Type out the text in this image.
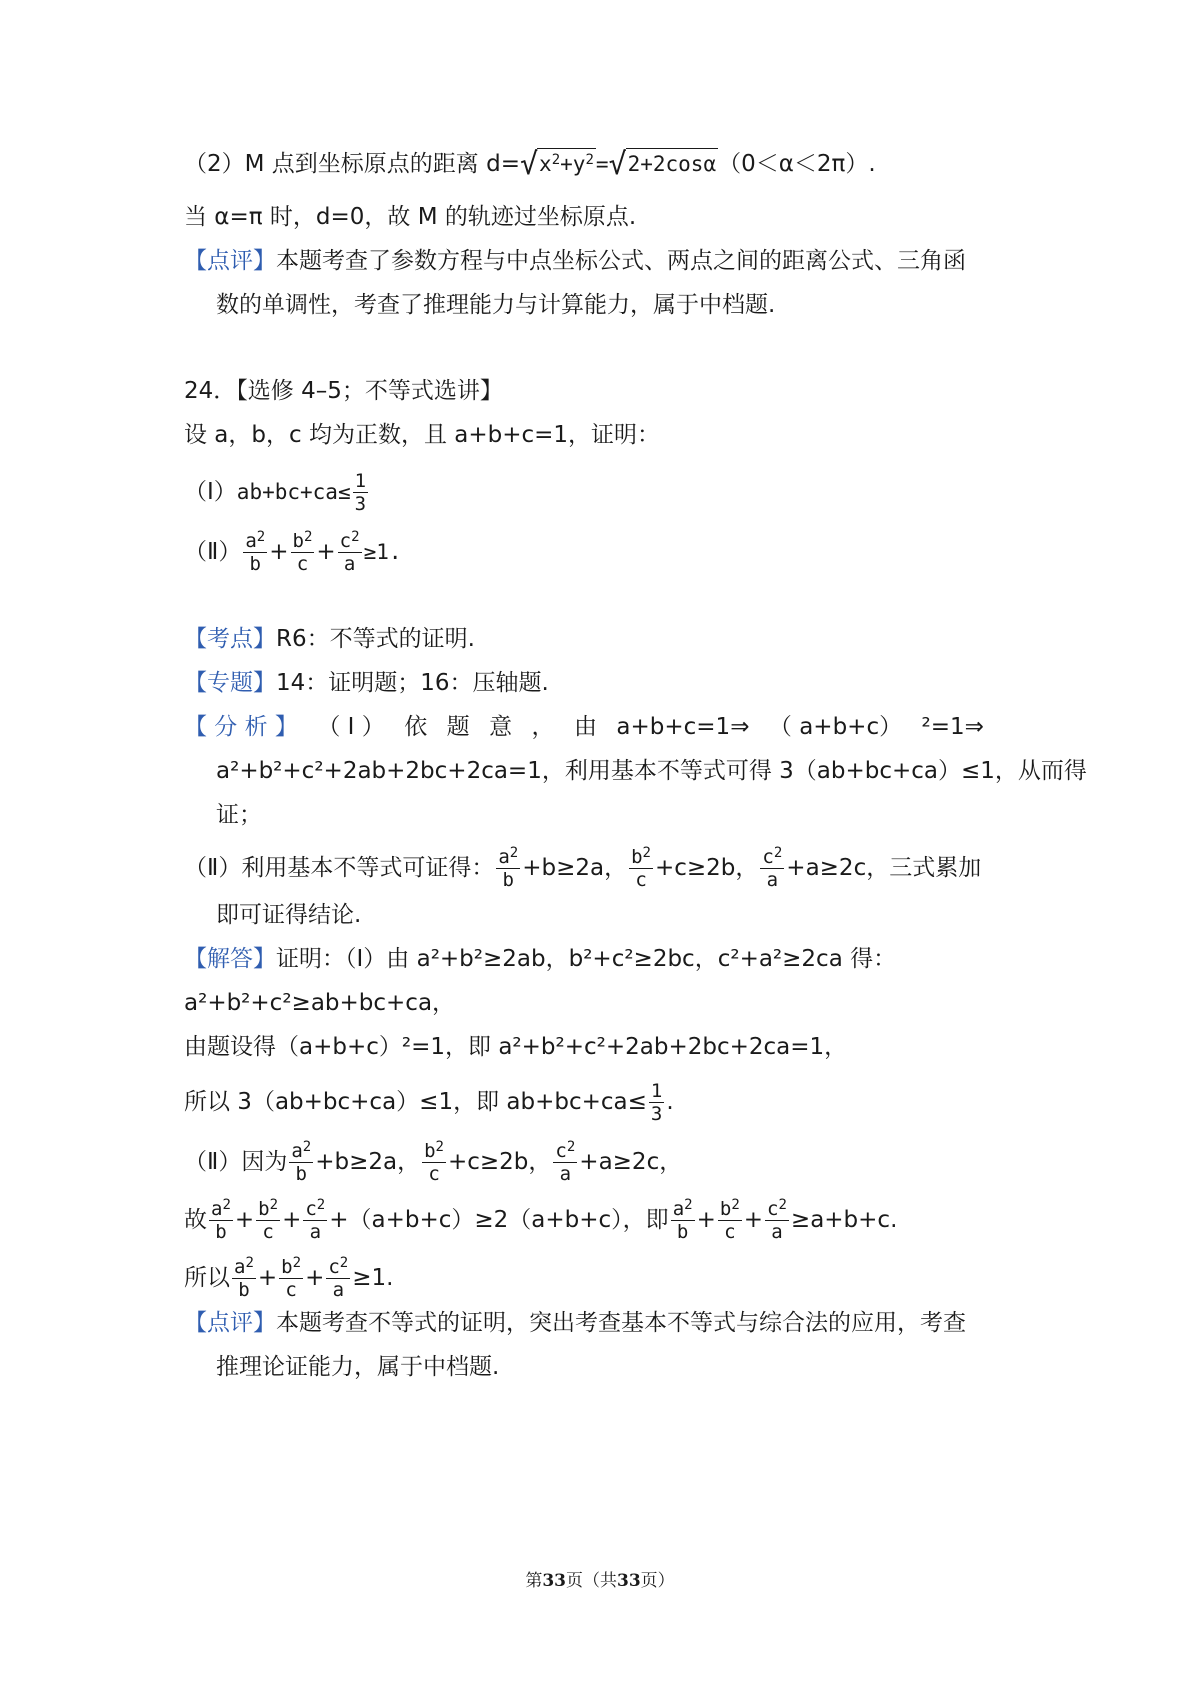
（2）M 点到坐标原点的距离 $d=√x^2+y^2=√2+2\cos\alpha(0<\alpha<2\pi)$.
当 α=π 时，d=0，故 M 的轨迹过坐标原点.
【点评】本题考查了参数方程与中点坐标公式、两点之间的距离公式、三角函
数的单调性，考查了推理能力与计算能力，属于中档题.
24．【选修 4–5；不等式选讲】
设 a，b，c 均为正数，且 a+b+c=1，证明：
（Ⅰ）ab+bc+ca≤ $\frac{1}{3}$
（Ⅱ） $\frac{a^2}{b} + \frac{b^2}{c} + \frac{c^2}{a} \ge 1$.
【考点】R6：不等式的证明.
【专题】14：证明题；16：压轴题.
【 分 析 】 （ Ⅰ ） 依 题 意 ， 由 a+b+c=1⇒ （ a+b+c） ²=1⇒
a²+b²+c²+2ab+2bc+2ca=1，利用基本不等式可得 3（ab+bc+ca）≤1，从而得
证；
（Ⅱ）利用基本不等式可证得： $\frac{a^2}{b} +b\ge 2a$， $\frac{b^2}{c} +c\ge 2b$， $\frac{c^2}{a} +a\ge 2c$，三式累加
即可证得结论.
【解答】证明：（Ⅰ）由 a²+b²≥2ab，b²+c²≥2bc，c²+a²≥2ca 得：
a²+b²+c²≥ab+bc+ca，
由题设得（a+b+c）²=1，即 a²+b²+c²+2ab+2bc+2ca=1，
所以 3（ab+bc+ca）≤1，即 $ab+bc+ca\le \frac{1}{3}$ .
（Ⅱ）因为 $\frac{a^2}{b} +b\ge 2a$， $\frac{b^2}{c} +c\ge 2b$， $\frac{c^2}{a} +a\ge 2c$，
故 $\frac{a^2}{b} + \frac{b^2}{c} + \frac{c^2}{a} +(a+b+c)\ge 2(a+b+c)$，即 $\frac{a^2}{b} + \frac{b^2}{c} + \frac{c^2}{a} \ge a+b+c$.
所以 $\frac{a^2}{b} + \frac{b^2}{c} + \frac{c^2}{a} \ge 1$.
【点评】本题考查不等式的证明，突出考查基本不等式与综合法的应用，考查
推理论证能力，属于中档题.
第33页（共33页）
